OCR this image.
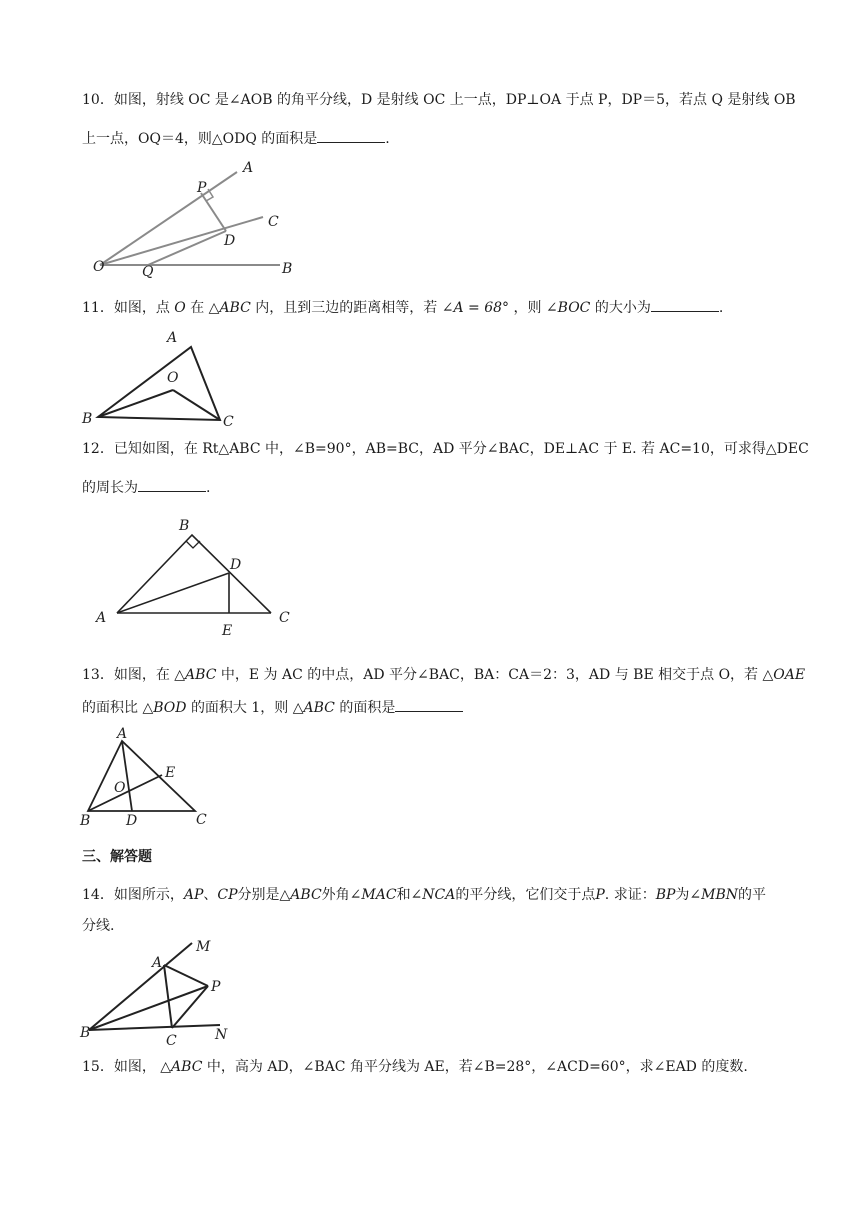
10．如图，射线 OC 是∠AOB 的角平分线，D 是射线 OC 上一点，DP⊥OA 于点 P，DP＝5，若点 Q 是射线 OB
上一点，OQ＝4，则△ODQ 的面积是	.
A
P
C
D
O	Q	B
11．如图，点 O 在 △ABC 内，且到三边的距离相等，若 ∠A = 68° ，则 ∠BOC 的大小为	.
A
O
B	C
12．已知如图，在 Rt△ABC 中，∠B=90°，AB=BC，AD 平分∠BAC，DE⊥AC 于 E. 若 AC=10，可求得△DEC
的周长为	.
A
B
D
E
C
13．如图，在 △ABC 中，E 为 AC 的中点，AD 平分∠BAC，BA：CA＝2：3，AD 与 BE 相交于点 O，若 △OAE
的面积比 △BOD 的面积大 1，则 △ABC 的面积是
A
E
O
B	D	C
三、解答题
14．如图所示，AP、CP分别是△ABC外角∠MAC和∠NCA的平分线，它们交于点P. 求证：BP为∠MBN的平
分线.
M
A
P
B	C	N
15．如图， △ABC 中，高为 AD，∠BAC 角平分线为 AE，若∠B=28°，∠ACD=60°，求∠EAD 的度数.
